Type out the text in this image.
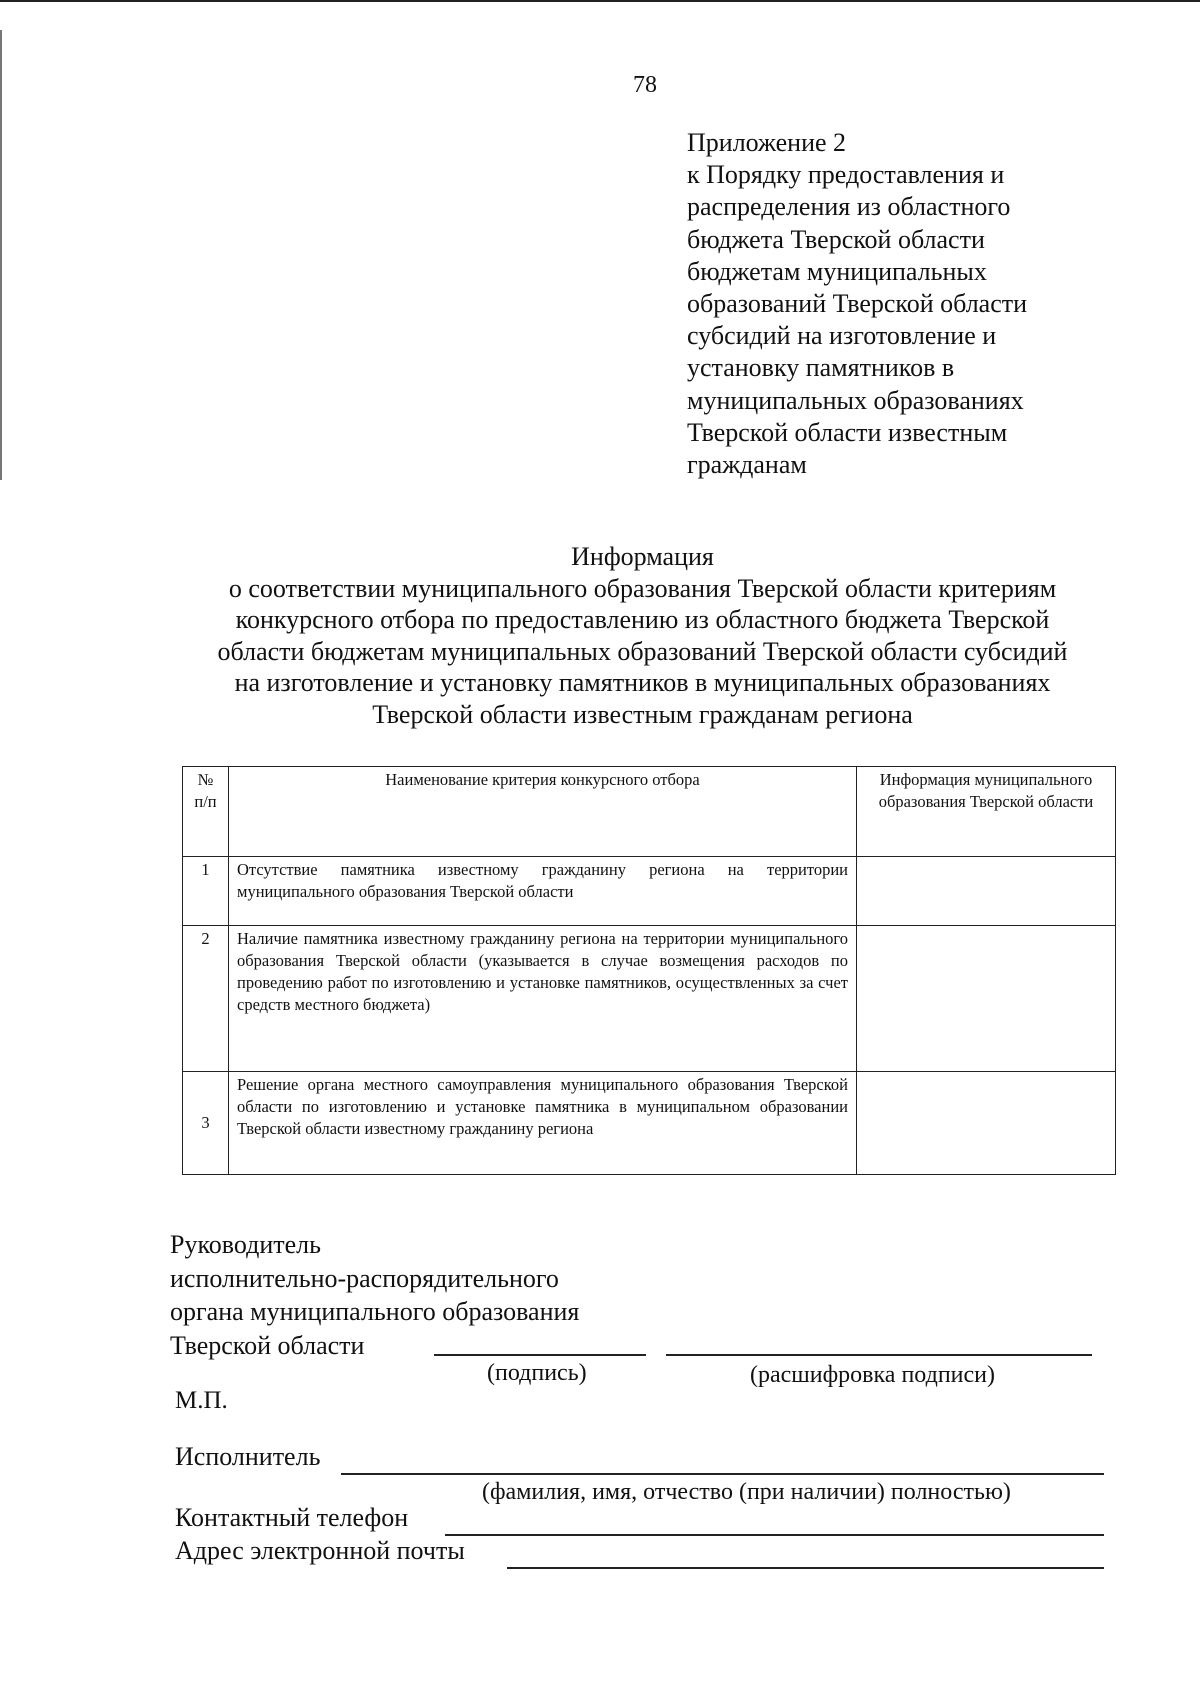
78
Приложение 2
к Порядку предоставления и
распределения из областного
бюджета Тверской области
бюджетам муниципальных
образований Тверской области
субсидий на изготовление и
установку памятников в
муниципальных образованиях
Тверской области известным
гражданам
Информация
о соответствии муниципального образования Тверской области критериям
конкурсного отбора по предоставлению из областного бюджета Тверской
области бюджетам муниципальных образований Тверской области субсидий
на изготовление и установку памятников в муниципальных образованиях
Тверской области известным гражданам региона
№ п/п	Наименование критерия конкурсного отбора	Информация муниципального образования Тверской области
1	Отсутствие памятника известному гражданину региона на территории муниципального образования Тверской области	
2	Наличие памятника известному гражданину региона на территории муниципального образования Тверской области (указывается в случае возмещения расходов по проведению работ по изготовлению и установке памятников, осуществленных за счет средств местного бюджета)	
3	Решение органа местного самоуправления муниципального образования Тверской области по изготовлению и установке памятника в муниципальном образовании Тверской области известному гражданину региона	
Руководитель
исполнительно-распорядительного
органа муниципального образования
Тверской области
(подпись)	(расшифровка подписи)
М.П.
Исполнитель
(фамилия, имя, отчество (при наличии) полностью)
Контактный телефон
Адрес электронной почты
